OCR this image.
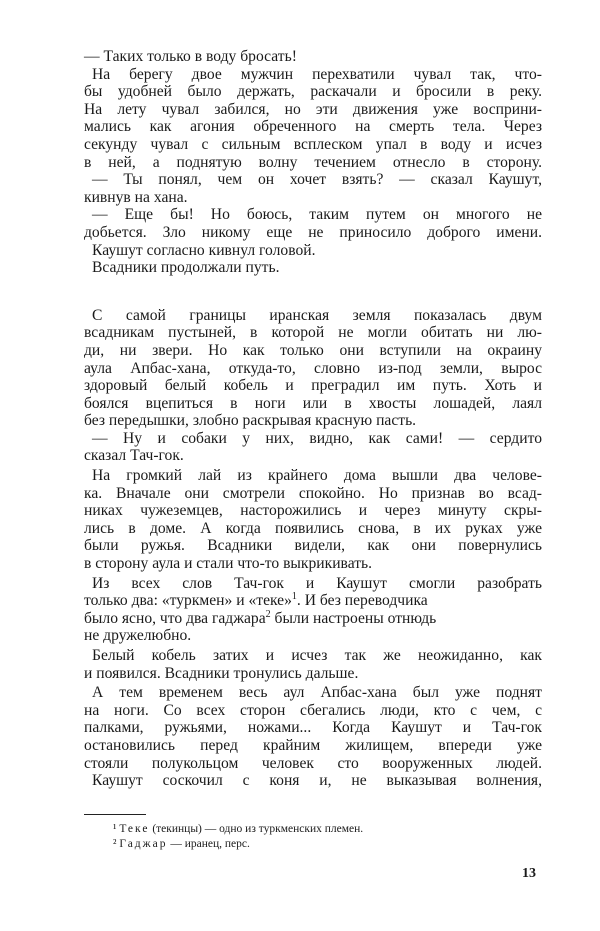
— Таких только в воду бросать!
На берегу двое мужчин перехватили чувал так, что-
бы удобней было держать, раскачали и бросили в реку.
На лету чувал забился, но эти движения уже восприни-
мались как агония обреченного на смерть тела. Через
секунду чувал с сильным всплеском упал в воду и исчез
в ней, а поднятую волну течением отнесло в сторону.
— Ты понял, чем он хочет взять? — сказал Каушут,
кивнув на хана.
— Еще бы! Но боюсь, таким путем он многого не
добьется. Зло никому еще не приносило доброго имени.
Каушут согласно кивнул головой.
Всадники продолжали путь.
С самой границы иранская земля показалась двум
всадникам пустыней, в которой не могли обитать ни лю-
ди, ни звери. Но как только они вступили на окраину
аула Апбас-хана, откуда-то, словно из-под земли, вырос
здоровый белый кобель и преградил им путь. Хоть и
боялся вцепиться в ноги или в хвосты лошадей, лаял
без передышки, злобно раскрывая красную пасть.
— Ну и собаки у них, видно, как сами! — сердито
сказал Тач-гок.
На громкий лай из крайнего дома вышли два челове-
ка. Вначале они смотрели спокойно. Но признав во всад-
никах чужеземцев, насторожились и через минуту скры-
лись в доме. А когда появились снова, в их руках уже
были ружья. Всадники видели, как они повернулись
в сторону аула и стали что-то выкрикивать.
Из всех слов Тач-гок и Каушут смогли разобрать
только два: «туркмен» и «теке»$^1$. И без переводчика
было ясно, что два гаджара$^2$ были настроены отнюдь
не дружелюбно.
Белый кобель затих и исчез так же неожиданно, как
и появился. Всадники тронулись дальше.
А тем временем весь аул Апбас-хана был уже поднят
на ноги. Со всех сторон сбегались люди, кто с чем, с
палками, ружьями, ножами... Когда Каушут и Тач-гок
остановились перед крайним жилищем, впереди уже
стояли полукольцом человек сто вооруженных людей.
Каушут соскочил с коня и, не выказывая волнения,
¹ Теке (текинцы) — одно из туркменских племен.
² Гаджар — иранец, перс.
13
